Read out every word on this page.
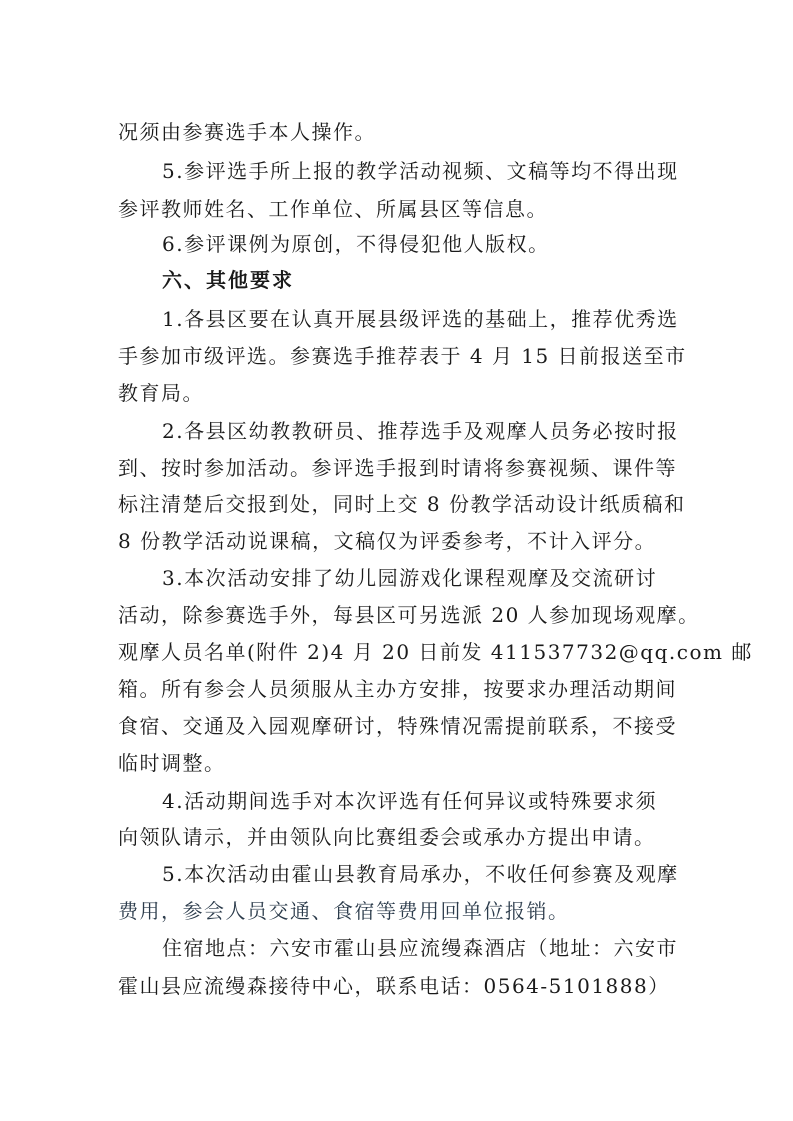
况须由参赛选手本人操作。
5.参评选手所上报的教学活动视频、文稿等均不得出现
参评教师姓名、工作单位、所属县区等信息。
6.参评课例为原创，不得侵犯他人版权。
六、其他要求
1.各县区要在认真开展县级评选的基础上，推荐优秀选
手参加市级评选。参赛选手推荐表于 4 月 15 日前报送至市
教育局。
2.各县区幼教教研员、推荐选手及观摩人员务必按时报
到、按时参加活动。参评选手报到时请将参赛视频、课件等
标注清楚后交报到处，同时上交 8 份教学活动设计纸质稿和
8 份教学活动说课稿，文稿仅为评委参考，不计入评分。
3.本次活动安排了幼儿园游戏化课程观摩及交流研讨
活动，除参赛选手外，每县区可另选派 20 人参加现场观摩。
观摩人员名单(附件 2)4 月 20 日前发 411537732@qq.com 邮
箱。所有参会人员须服从主办方安排，按要求办理活动期间
食宿、交通及入园观摩研讨，特殊情况需提前联系，不接受
临时调整。
4.活动期间选手对本次评选有任何异议或特殊要求须
向领队请示，并由领队向比赛组委会或承办方提出申请。
5.本次活动由霍山县教育局承办，不收任何参赛及观摩
费用，参会人员交通、食宿等费用回单位报销。
住宿地点：六安市霍山县应流缦森酒店（地址：六安市
霍山县应流缦森接待中心，联系电话：0564-5101888）
